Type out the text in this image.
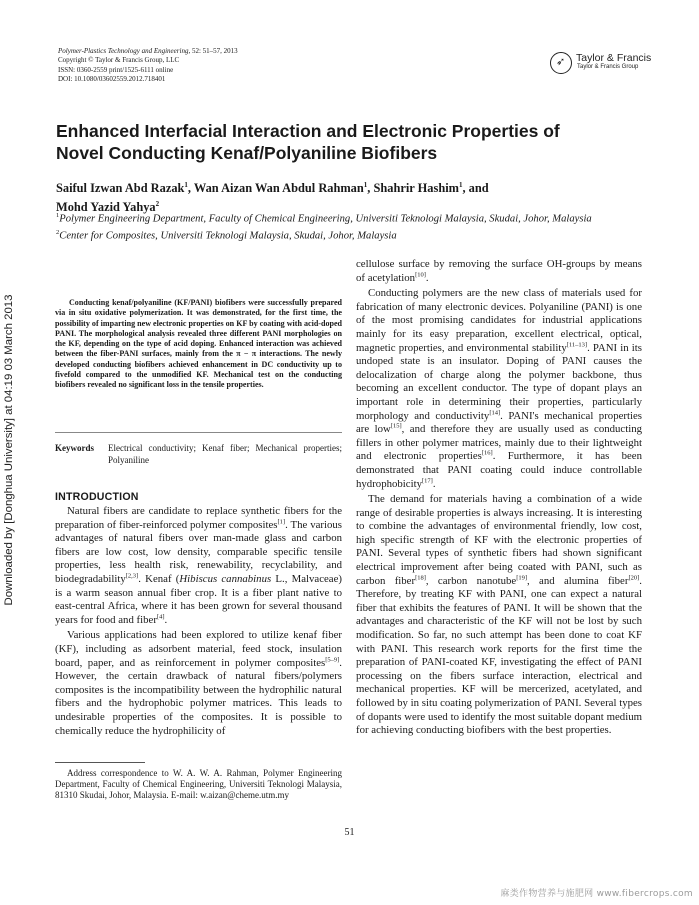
Polymer-Plastics Technology and Engineering, 52: 51–57, 2013
Copyright © Taylor & Francis Group, LLC
ISSN: 0360-2559 print/1525-6111 online
DOI: 10.1080/03602559.2012.718401
➶ Taylor & Francis
Taylor & Francis Group
Enhanced Interfacial Interaction and Electronic Properties of
Novel Conducting Kenaf/Polyaniline Biofibers
Saiful Izwan Abd Razak$^1$, Wan Aizan Wan Abdul Rahman$^1$, Shahrir Hashim$^1$, and
Mohd Yazid Yahya$^2$
$^1$Polymer Engineering Department, Faculty of Chemical Engineering, Universiti Teknologi Malaysia, Skudai, Johor, Malaysia
$^2$Center for Composites, Universiti Teknologi Malaysia, Skudai, Johor, Malaysia
Downloaded by [Donghua University] at 04:19 03 March 2013	Conducting kenaf/polyaniline (KF/PANI) biofibers were successfully prepared via in situ oxidative polymerization. It was demonstrated, for the first time, the possibility of imparting new electronic properties on KF by coating with acid-doped PANI. The morphological analysis revealed three different PANI morphologies on the KF, depending on the type of acid doping. Enhanced interaction was achieved between the fiber-PANI surfaces, mainly from the π − π interactions. The newly developed conducting biofibers achieved enhancement in DC conductivity up to fivefold compared to the unmodified KF. Mechanical test on the conducting biofibers revealed no significant loss in the tensile properties.
Keywords Electrical conductivity; Kenaf fiber; Mechanical properties; Polyaniline
INTRODUCTION

Natural fibers are candidate to replace synthetic fibers for the preparation of fiber-reinforced polymer composites[1]. The various advantages of natural fibers over man-made glass and carbon fibers are low cost, low density, comparable specific tensile properties, less health risk, renewability, recyclability, and biodegradability[2,3]. Kenaf (Hibiscus cannabinus L., Malvaceae) is a warm season annual fiber crop. It is a fiber plant native to east-central Africa, where it has been grown for several thousand years for food and fiber[4].

Various applications had been explored to utilize kenaf fiber (KF), including as adsorbent material, feed stock, insulation board, paper, and as reinforcement in polymer composites[5–9]. However, the certain drawback of natural fibers/polymers composites is the incompatibility between the hydrophilic natural fibers and the hydrophobic polymer matrices. This leads to undesirable properties of the composites. It is possible to chemically reduce the hydrophilicity of

Address correspondence to W. A. W. A. Rahman, Polymer Engineering Department, Faculty of Chemical Engineering, Universiti Teknologi Malaysia, 81310 Skudai, Johor, Malaysia. E-mail: w.aizan@cheme.utm.my

cellulose surface by removing the surface OH-groups by means of acetylation[10].

Conducting polymers are the new class of materials used for fabrication of many electronic devices. Polyaniline (PANI) is one of the most promising candidates for industrial applications mainly for its easy preparation, excellent electrical, optical, magnetic properties, and environmental stability[11–13]. PANI in its undoped state is an insulator. Doping of PANI causes the delocalization of charge along the polymer backbone, thus becoming an excellent conductor. The type of dopant plays an important role in determining their properties, particularly morphology and conductivity[14]. PANI's mechanical properties are low[15], and therefore they are usually used as conducting fillers in other polymer matrices, mainly due to their lightweight and electronic properties[16]. Furthermore, it has been demonstrated that PANI coating could induce controllable hydrophobicity[17].

The demand for materials having a combination of a wide range of desirable properties is always increasing. It is interesting to combine the advantages of environmental friendly, low cost, high specific strength of KF with the electronic properties of PANI. Several types of synthetic fibers had shown significant electrical improvement after being coated with PANI, such as carbon fiber[18], carbon nanotube[19], and alumina fiber[20]. Therefore, by treating KF with PANI, one can expect a natural fiber that exhibits the features of PANI. It will be shown that the advantages and characteristic of the KF will not be lost by such modification. So far, no such attempt has been done to coat KF with PANI. This research work reports for the first time the preparation of PANI-coated KF, investigating the effect of PANI processing on the fibers surface interaction, electrical and mechanical properties. KF will be mercerized, acetylated, and followed by in situ coating polymerization of PANI. Several types of dopants were used to identify the most suitable dopant medium for achieving conducting biofibers with the best properties.

51
麻类作物营养与施肥网 www.fibercrops.com
